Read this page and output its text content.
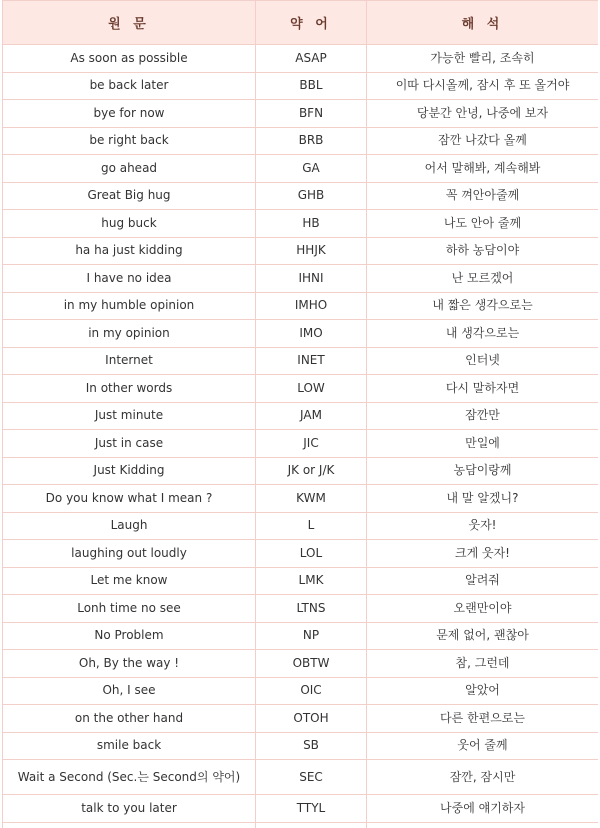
원 문	약 어	해 석
As soon as possible	ASAP	가능한 빨리, 조속히
be back later	BBL	이따 다시올께, 잠시 후 또 올거야
bye for now	BFN	당분간 안녕, 나중에 보자
be right back	BRB	잠깐 나갔다 올께
go ahead	GA	어서 말해봐, 계속해봐
Great Big hug	GHB	꼭 껴안아줄께
hug buck	HB	나도 안아 줄께
ha ha just kidding	HHJK	하하 농담이야
I have no idea	IHNI	난 모르겠어
in my humble opinion	IMHO	내 짧은 생각으로는
in my opinion	IMO	내 생각으로는
Internet	INET	인터넷
In other words	LOW	다시 말하자면
Just minute	JAM	잠깐만
Just in case	JIC	만일에
Just Kidding	JK or J/K	농담이랑께
Do you know what I mean ?	KWM	내 말 알겠니?
Laugh	L	웃자!
laughing out loudly	LOL	크게 웃자!
Let me know	LMK	알려줘
Lonh time no see	LTNS	오랜만이야
No Problem	NP	문제 없어, 괜찮아
Oh, By the way !	OBTW	참, 그런데
Oh, I see	OIC	알았어
on the other hand	OTOH	다른 한편으로는
smile back	SB	웃어 줄께
Wait a Second (Sec.는 Second의 약어)	SEC	잠깐, 잠시만
talk to you later	TTYL	나중에 얘기하자
